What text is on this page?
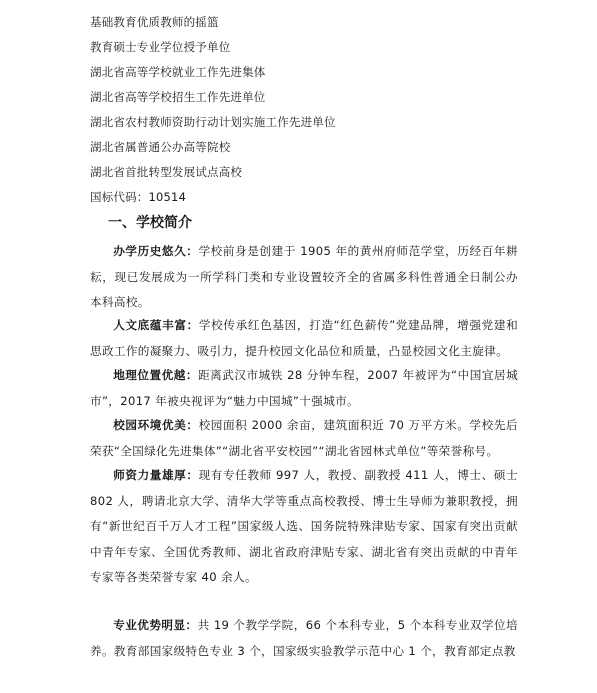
基础教育优质教师的摇篮
教育硕士专业学位授予单位
湖北省高等学校就业工作先进集体
湖北省高等学校招生工作先进单位
湖北省农村教师资助行动计划实施工作先进单位
湖北省属普通公办高等院校
湖北省首批转型发展试点高校
国标代码：10514
一、学校简介

办学历史悠久：学校前身是创建于 1905 年的黄州府师范学堂，历经百年耕耘，现已发展成为一所学科门类和专业设置较齐全的省属多科性普通全日制公办本科高校。

人文底蕴丰富：学校传承红色基因，打造“红色薪传”党建品牌，增强党建和思政工作的凝聚力、吸引力，提升校园文化品位和质量，凸显校园文化主旋律。

地理位置优越：距离武汉市城铁 28 分钟车程，2007 年被评为“中国宜居城市”，2017 年被央视评为“魅力中国城”十强城市。

校园环境优美：校园面积 2000 余亩，建筑面积近 70 万平方米。学校先后荣获“全国绿化先进集体”“湖北省平安校园”“湖北省园林式单位”等荣誉称号。

师资力量雄厚：现有专任教师 997 人，教授、副教授 411 人，博士、硕士 802 人，聘请北京大学、清华大学等重点高校教授、博士生导师为兼职教授，拥有“新世纪百千万人才工程”国家级人选、国务院特殊津贴专家、国家有突出贡献中青年专家、全国优秀教师、湖北省政府津贴专家、湖北省有突出贡献的中青年专家等各类荣誉专家 40 余人。

专业优势明显：共 19 个教学学院，66 个本科专业，5 个本科专业双学位培养。教育部国家级特色专业 3 个，国家级实验教学示范中心 1 个，教育部定点教
